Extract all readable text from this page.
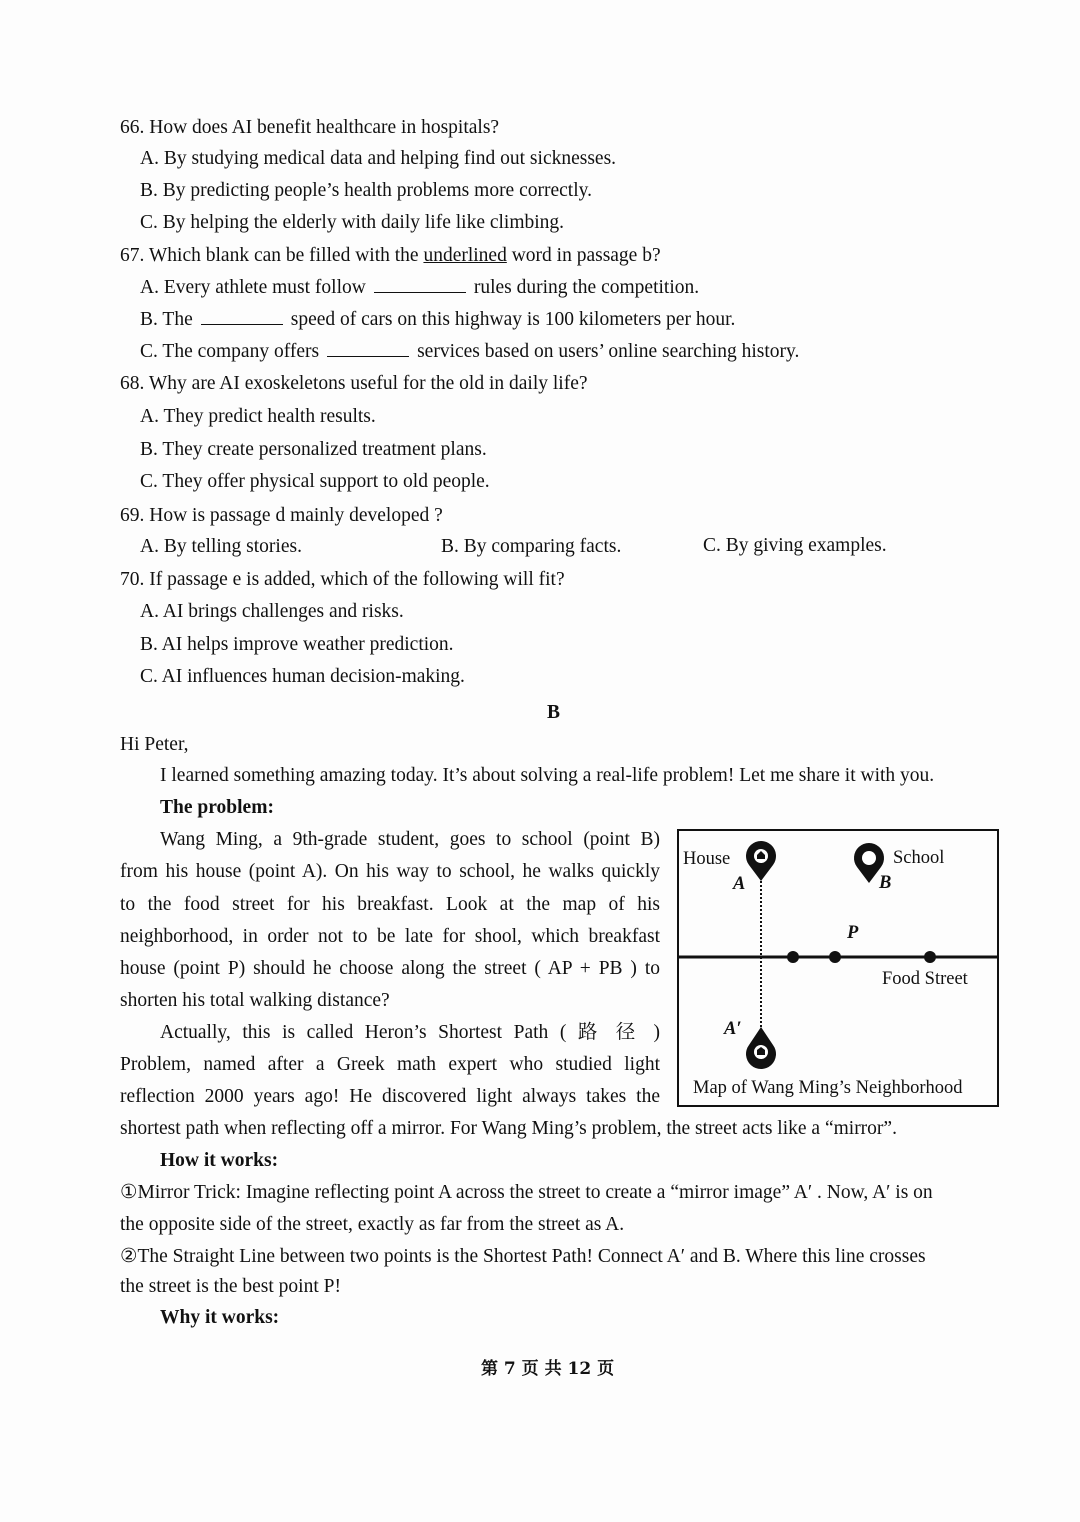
66. How does AI benefit healthcare in hospitals?
A. By studying medical data and helping find out sicknesses.
B. By predicting people’s health problems more correctly.
C. By helping the elderly with daily life like climbing.
67. Which blank can be filled with the underlined word in passage b?
A. Every athlete must follow	rules during the competition.
B. The	speed of cars on this highway is 100 kilometers per hour.
C. The company offers	services based on users’ online searching history.
68. Why are AI exoskeletons useful for the old in daily life?
A. They predict health results.
B. They create personalized treatment plans.
C. They offer physical support to old people.
69. How is passage d mainly developed ?
A. By telling stories.	B. By comparing facts.	C. By giving examples.
70. If passage e is added, which of the following will fit?
A. AI brings challenges and risks.
B. AI helps improve weather prediction.
C. AI influences human decision-making.
B
Hi Peter,
I learned something amazing today. It’s about solving a real-life problem! Let me share it with you.
The problem:
Wang Ming, a 9th-grade student, goes to school (point B)
from his house (point A). On his way to school, he walks quickly
to the food street for his breakfast. Look at the map of his
neighborhood, in order not to be late for shool, which breakfast
house (point P) should he choose along the street ( AP + PB ) to
shorten his total walking distance?
Actually, this is called Heron’s Shortest Path ( 路 径 )
Problem, named after a Greek math expert who studied light
reflection 2000 years ago! He discovered light always takes the
shortest path when reflecting off a mirror. For Wang Ming’s problem, the street acts like a “mirror”.
How it works:
①Mirror Trick: Imagine reflecting point A across the street to create a “mirror image” A′ . Now, A′ is on
the opposite side of the street, exactly as far from the street as A.
②The Straight Line between two points is the Shortest Path! Connect A′ and B. Where this line crosses
the street is the best point P!
Why it works:
House	School
A	B
P
A′
Food Street
Map of Wang Ming’s Neighborhood
第 7 页 共 12 页
